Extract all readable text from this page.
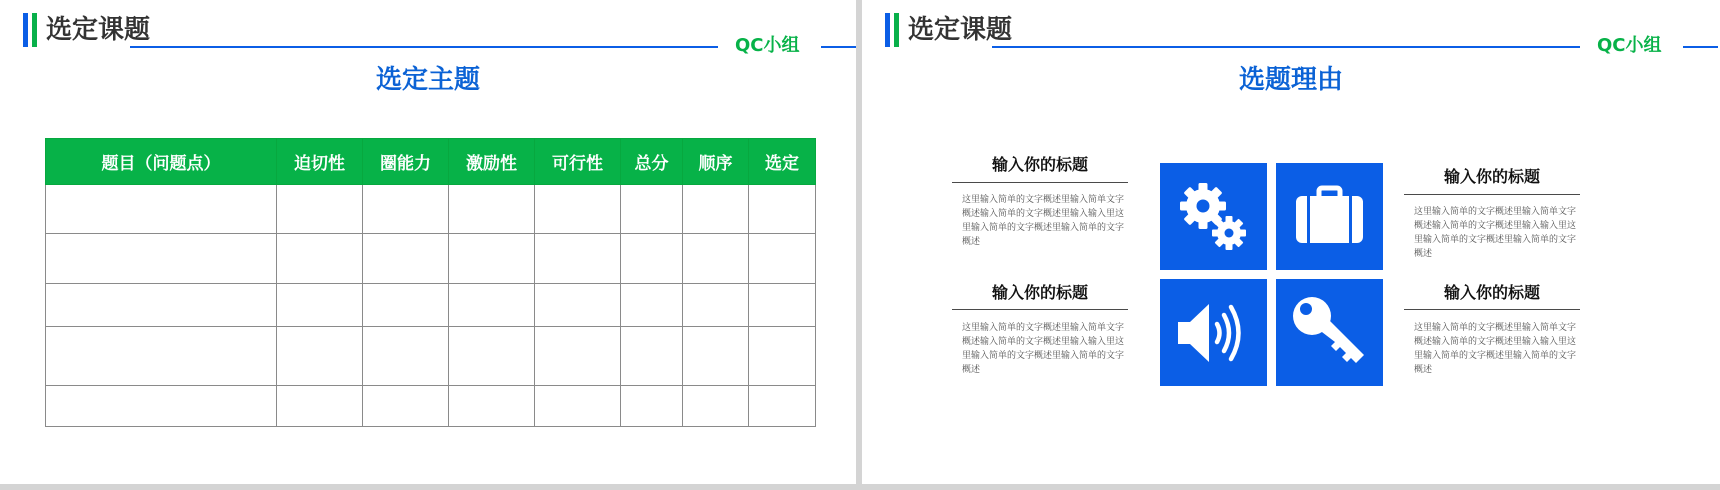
选定课题
QC小组
选定主题
题目（问题点）	迫切性	圈能力	激励性	可行性	总分	顺序	选定

选定课题
QC小组
选题理由
输入你的标题
这里输入简单的文字概述里输入简单文字概述输入简单的文字概述里输入输入里这里输入简单的文字概述里输入简单的文字概述
输入你的标题
这里输入简单的文字概述里输入简单文字概述输入简单的文字概述里输入输入里这里输入简单的文字概述里输入简单的文字概述
输入你的标题
这里输入简单的文字概述里输入简单文字概述输入简单的文字概述里输入输入里这里输入简单的文字概述里输入简单的文字概述
输入你的标题
这里输入简单的文字概述里输入简单文字概述输入简单的文字概述里输入输入里这里输入简单的文字概述里输入简单的文字概述
